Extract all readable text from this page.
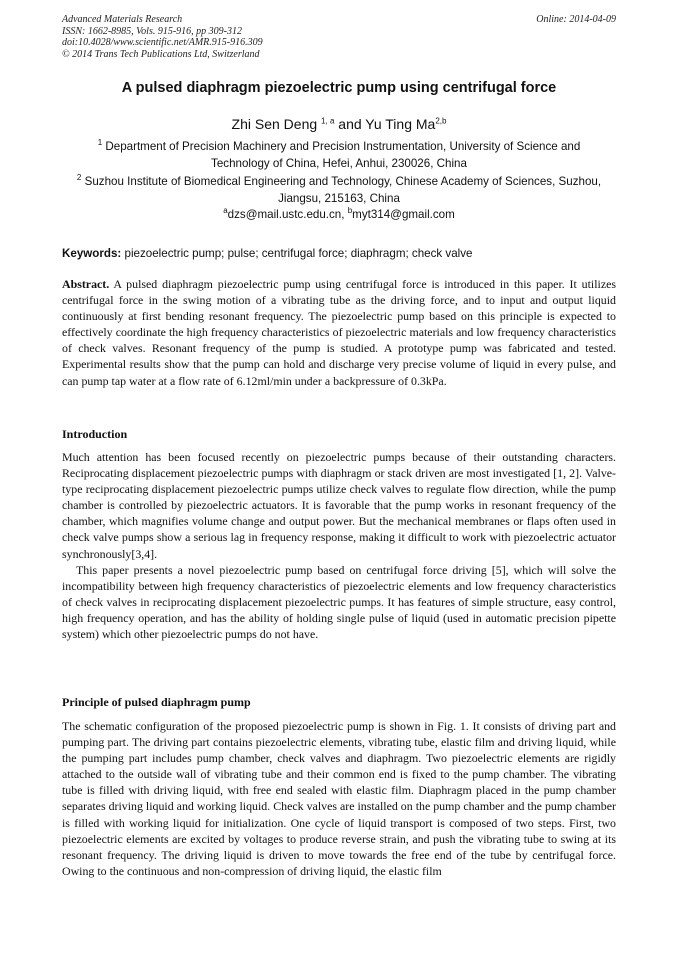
Advanced Materials Research
ISSN: 1662-8985, Vols. 915-916, pp 309-312
doi:10.4028/www.scientific.net/AMR.915-916.309
© 2014 Trans Tech Publications Ltd, Switzerland
Online: 2014-04-09
A pulsed diaphragm piezoelectric pump using centrifugal force
Zhi Sen Deng $^{1, a}$ and Yu Ting Ma$^{2,b}$
$^1$ Department of Precision Machinery and Precision Instrumentation, University of Science and Technology of China, Hefei, Anhui, 230026, China
$^2$ Suzhou Institute of Biomedical Engineering and Technology, Chinese Academy of Sciences, Suzhou, Jiangsu, 215163, China
$^a$dzs@mail.ustc.edu.cn, $^b$myt314@gmail.com
Keywords: piezoelectric pump; pulse; centrifugal force; diaphragm; check valve
Abstract. A pulsed diaphragm piezoelectric pump using centrifugal force is introduced in this paper. It utilizes centrifugal force in the swing motion of a vibrating tube as the driving force, and to input and output liquid continuously at first bending resonant frequency. The piezoelectric pump based on this principle is expected to effectively coordinate the high frequency characteristics of piezoelectric materials and low frequency characteristics of check valves. Resonant frequency of the pump is studied. A prototype pump was fabricated and tested. Experimental results show that the pump can hold and discharge very precise volume of liquid in every pulse, and can pump tap water at a flow rate of 6.12ml/min under a backpressure of 0.3kPa.
Introduction

Much attention has been focused recently on piezoelectric pumps because of their outstanding characters. Reciprocating displacement piezoelectric pumps with diaphragm or stack driven are most investigated [1, 2]. Valve-type reciprocating displacement piezoelectric pumps utilize check valves to regulate flow direction, while the pump chamber is controlled by piezoelectric actuators. It is favorable that the pump works in resonant frequency of the chamber, which magnifies volume change and output power. But the mechanical membranes or flaps often used in check valve pumps show a serious lag in frequency response, making it difficult to work with piezoelectric actuator synchronously[3,4].

This paper presents a novel piezoelectric pump based on centrifugal force driving [5], which will solve the incompatibility between high frequency characteristics of piezoelectric elements and low frequency characteristics of check valves in reciprocating displacement piezoelectric pumps. It has features of simple structure, easy control, high frequency operation, and has the ability of holding single pulse of liquid (used in automatic precision pipette system) which other piezoelectric pumps do not have.

Principle of pulsed diaphragm pump

The schematic configuration of the proposed piezoelectric pump is shown in Fig. 1. It consists of driving part and pumping part. The driving part contains piezoelectric elements, vibrating tube, elastic film and driving liquid, while the pumping part includes pump chamber, check valves and diaphragm. Two piezoelectric elements are rigidly attached to the outside wall of vibrating tube and their common end is fixed to the pump chamber. The vibrating tube is filled with driving liquid, with free end sealed with elastic film. Diaphragm placed in the pump chamber separates driving liquid and working liquid. Check valves are installed on the pump chamber and the pump chamber is filled with working liquid for initialization. One cycle of liquid transport is composed of two steps. First, two piezoelectric elements are excited by voltages to produce reverse strain, and push the vibrating tube to swing at its resonant frequency. The driving liquid is driven to move towards the free end of the tube by centrifugal force. Owing to the continuous and non-compression of driving liquid, the elastic film
